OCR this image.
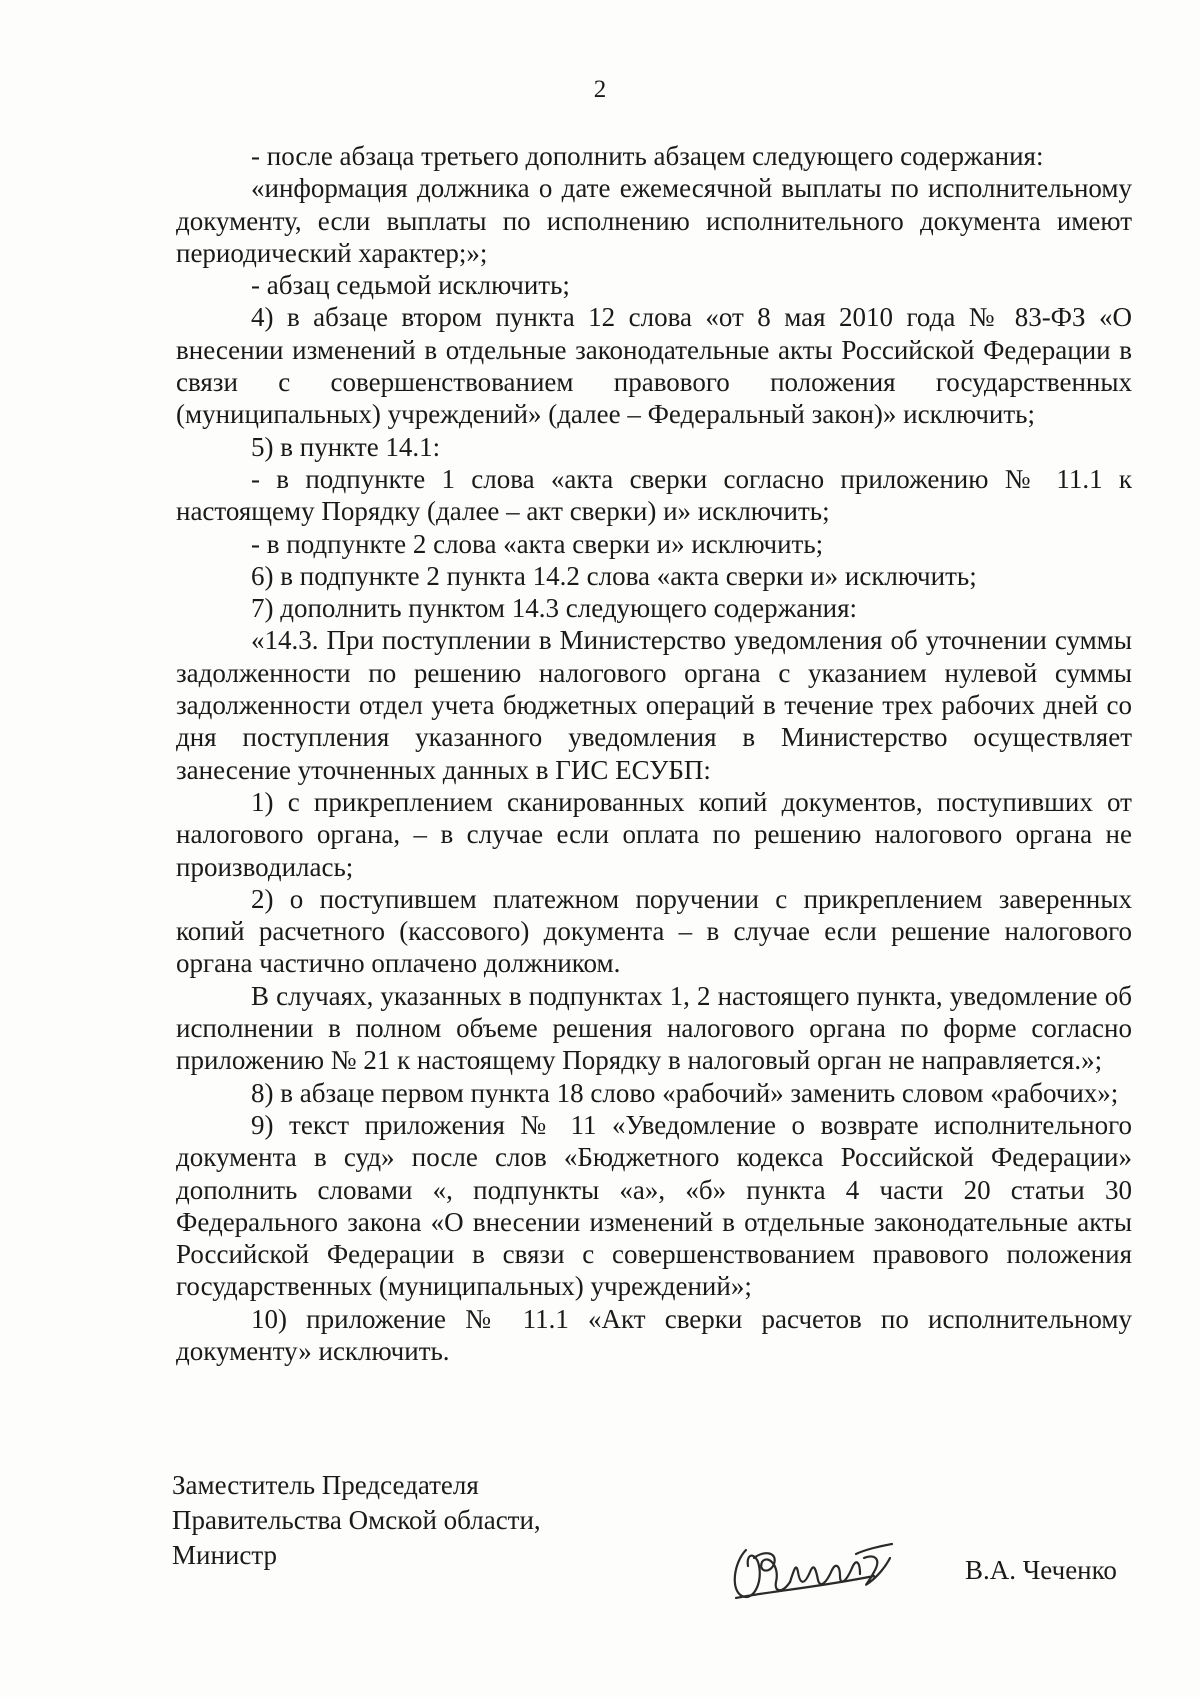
2

- после абзаца третьего дополнить абзацем следующего содержания:

«информация должника о дате ежемесячной выплаты по исполнительному документу, если выплаты по исполнению исполнительного документа имеют периодический характер;»;

- абзац седьмой исключить;

4) в абзаце втором пункта 12 слова «от 8 мая 2010 года № 83-ФЗ «О внесении изменений в отдельные законодательные акты Российской Федерации в связи с совершенствованием правового положения государственных (муниципальных) учреждений» (далее – Федеральный закон)» исключить;

5) в пункте 14.1:

- в подпункте 1 слова «акта сверки согласно приложению № 11.1 к настоящему Порядку (далее – акт сверки) и» исключить;

- в подпункте 2 слова «акта сверки и» исключить;

6) в подпункте 2 пункта 14.2 слова «акта сверки и» исключить;

7) дополнить пунктом 14.3 следующего содержания:

«14.3. При поступлении в Министерство уведомления об уточнении суммы задолженности по решению налогового органа с указанием нулевой суммы задолженности отдел учета бюджетных операций в течение трех рабочих дней со дня поступления указанного уведомления в Министерство осуществляет занесение уточненных данных в ГИС ЕСУБП:

1) с прикреплением сканированных копий документов, поступивших от налогового органа, – в случае если оплата по решению налогового органа не производилась;

2) о поступившем платежном поручении с прикреплением заверенных копий расчетного (кассового) документа – в случае если решение налогового органа частично оплачено должником.

В случаях, указанных в подпунктах 1, 2 настоящего пункта, уведомление об исполнении в полном объеме решения налогового органа по форме согласно приложению № 21 к настоящему Порядку в налоговый орган не направляется.»;

8) в абзаце первом пункта 18 слово «рабочий» заменить словом «рабочих»;

9) текст приложения № 11 «Уведомление о возврате исполнительного документа в суд» после слов «Бюджетного кодекса Российской Федерации» дополнить словами «, подпункты «а», «б» пункта 4 части 20 статьи 30 Федерального закона «О внесении изменений в отдельные законодательные акты Российской Федерации в связи с совершенствованием правового положения государственных (муниципальных) учреждений»;

10) приложение № 11.1 «Акт сверки расчетов по исполнительному документу» исключить.

Заместитель Председателя
Правительства Омской области,
Министр	В.А. Чеченко
